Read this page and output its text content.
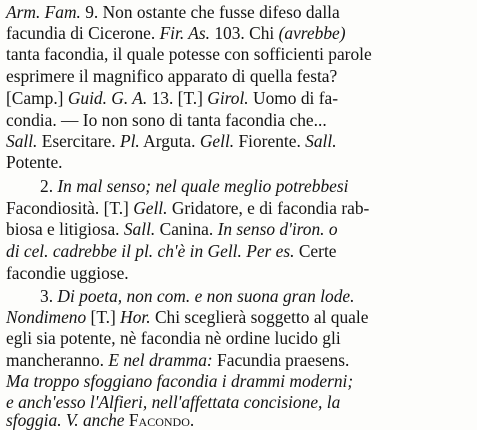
Arm. Fam. 9. Non ostante che fusse difeso dalla
facundia di Cicerone. Fir. As. 103. Chi (avrebbe)
tanta facondia, il quale potesse con sofficienti parole
esprimere il magnifico apparato di quella festa?
[Camp.] Guid. G. A. 13. [T.] Girol. Uomo di fa-
condia. — Io non sono di tanta facondia che...
Sall. Esercitare. Pl. Arguta. Gell. Fiorente. Sall.
Potente.
2. In mal senso; nel quale meglio potrebbesi
Facondiosità. [T.] Gell. Gridatore, e di facondia rab-
biosa e litigiosa. Sall. Canina. In senso d'iron. o
di cel. cadrebbe il pl. ch'è in Gell. Per es. Certe
facondie uggiose.
3. Di poeta, non com. e non suona gran lode.
Nondimeno [T.] Hor. Chi sceglierà soggetto al quale
egli sia potente, nè facondia nè ordine lucido gli
mancheranno. E nel dramma: Facundia praesens.
Ma troppo sfoggiano facondia i drammi moderni;
e anch'esso l'Alfieri, nell'affettata concisione, la
sfoggia. V. anche Facondo.
